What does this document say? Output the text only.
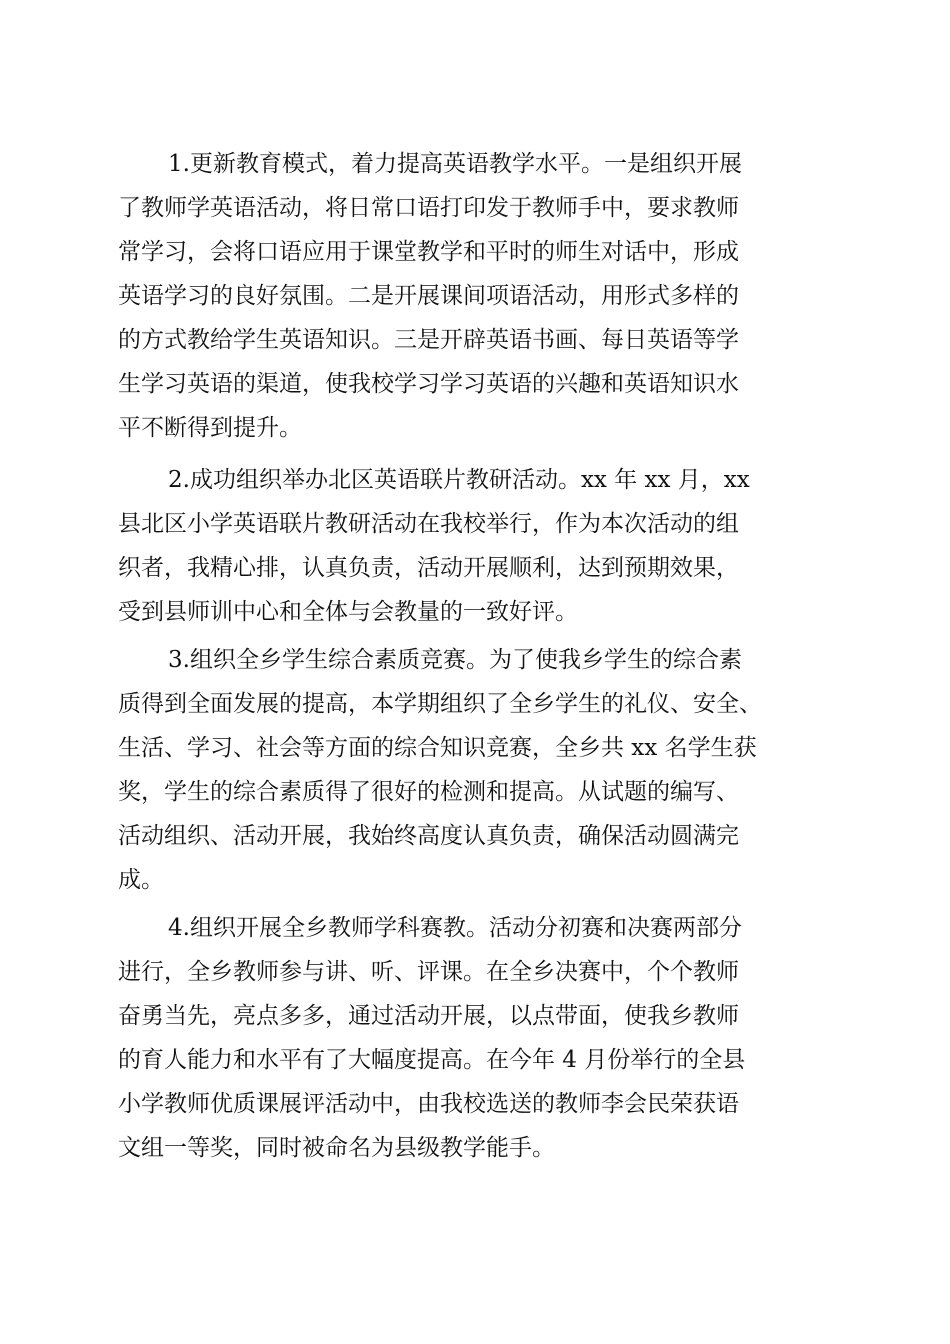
1.更新教育模式，着力提高英语教学水平。一是组织开展
了教师学英语活动，将日常口语打印发于教师手中，要求教师
常学习，会将口语应用于课堂教学和平时的师生对话中，形成
英语学习的良好氛围。二是开展课间项语活动，用形式多样的
的方式教给学生英语知识。三是开辟英语书画、每日英语等学
生学习英语的渠道，使我校学习学习英语的兴趣和英语知识水
平不断得到提升。
2.成功组织举办北区英语联片教研活动。xx 年 xx 月，xx
县北区小学英语联片教研活动在我校举行，作为本次活动的组
织者，我精心排，认真负责，活动开展顺利，达到预期效果，
受到县师训中心和全体与会教量的一致好评。
3.组织全乡学生综合素质竞赛。为了使我乡学生的综合素
质得到全面发展的提高，本学期组织了全乡学生的礼仪、安全、
生活、学习、社会等方面的综合知识竞赛，全乡共 xx 名学生获
奖，学生的综合素质得了很好的检测和提高。从试题的编写、
活动组织、活动开展，我始终高度认真负责，确保活动圆满完
成。
4.组织开展全乡教师学科赛教。活动分初赛和决赛两部分
进行，全乡教师参与讲、听、评课。在全乡决赛中，个个教师
奋勇当先，亮点多多，通过活动开展，以点带面，使我乡教师
的育人能力和水平有了大幅度提高。在今年 4 月份举行的全县
小学教师优质课展评活动中，由我校选送的教师李会民荣获语
文组一等奖，同时被命名为县级教学能手。
